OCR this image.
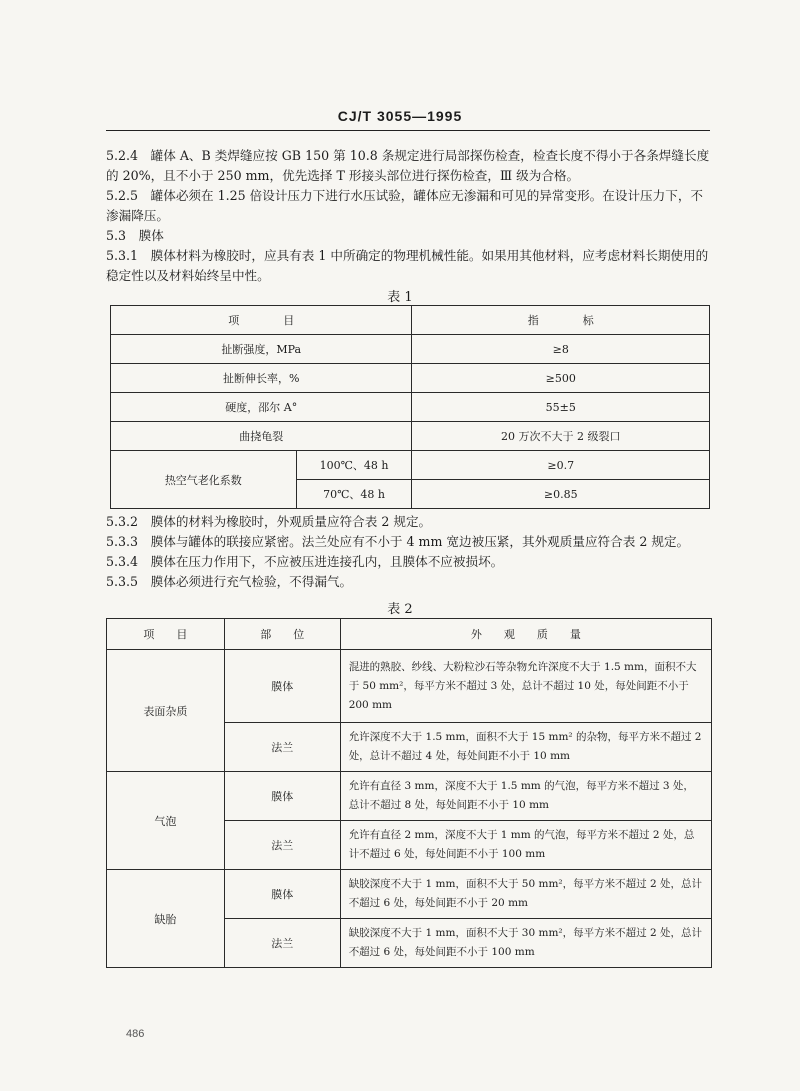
CJ/T 3055—1995
5.2.4　罐体 A、B 类焊缝应按 GB 150 第 10.8 条规定进行局部探伤检查，检查长度不得小于各条焊缝长度的 20%，且不小于 250 mm，优先选择 T 形接头部位进行探伤检查，Ⅲ 级为合格。
5.2.5　罐体必须在 1.25 倍设计压力下进行水压试验，罐体应无渗漏和可见的异常变形。在设计压力下，不渗漏降压。
5.3　膜体
5.3.1　膜体材料为橡胶时，应具有表 1 中所确定的物理机械性能。如果用其他材料，应考虑材料长期使用的稳定性以及材料始终呈中性。
表 1
项　　　　目		指　　　　标
扯断强度，MPa		≥8
扯断伸长率，%		≥500
硬度，邵尔 A°		55±5
曲挠龟裂		20 万次不大于 2 级裂口
热空气老化系数	100℃、48 h	≥0.7
	70℃、48 h	≥0.85
5.3.2　膜体的材料为橡胶时，外观质量应符合表 2 规定。
5.3.3　膜体与罐体的联接应紧密。法兰处应有不小于 4 mm 宽边被压紧，其外观质量应符合表 2 规定。
5.3.4　膜体在压力作用下，不应被压进连接孔内，且膜体不应被损坏。
5.3.5　膜体必须进行充气检验，不得漏气。
表 2
项　　目	部　　位	外　　观　　质　　量
表面杂质	膜体	混进的熟胶、纱线、大粉粒沙石等杂物允许深度不大于 1.5 mm，面积不大于 50 mm²，每平方米不超过 3 处，总计不超过 10 处，每处间距不小于 200 mm
	法兰	允许深度不大于 1.5 mm，面积不大于 15 mm² 的杂物，每平方米不超过 2 处，总计不超过 4 处，每处间距不小于 10 mm
气泡	膜体	允许有直径 3 mm，深度不大于 1.5 mm 的气泡，每平方米不超过 3 处，总计不超过 8 处，每处间距不小于 10 mm
	法兰	允许有直径 2 mm，深度不大于 1 mm 的气泡，每平方米不超过 2 处，总计不超过 6 处，每处间距不小于 100 mm
缺胎	膜体	缺胶深度不大于 1 mm，面积不大于 50 mm²，每平方米不超过 2 处，总计不超过 6 处，每处间距不小于 20 mm
	法兰	缺胶深度不大于 1 mm，面积不大于 30 mm²，每平方米不超过 2 处，总计不超过 6 处，每处间距不小于 100 mm
486
